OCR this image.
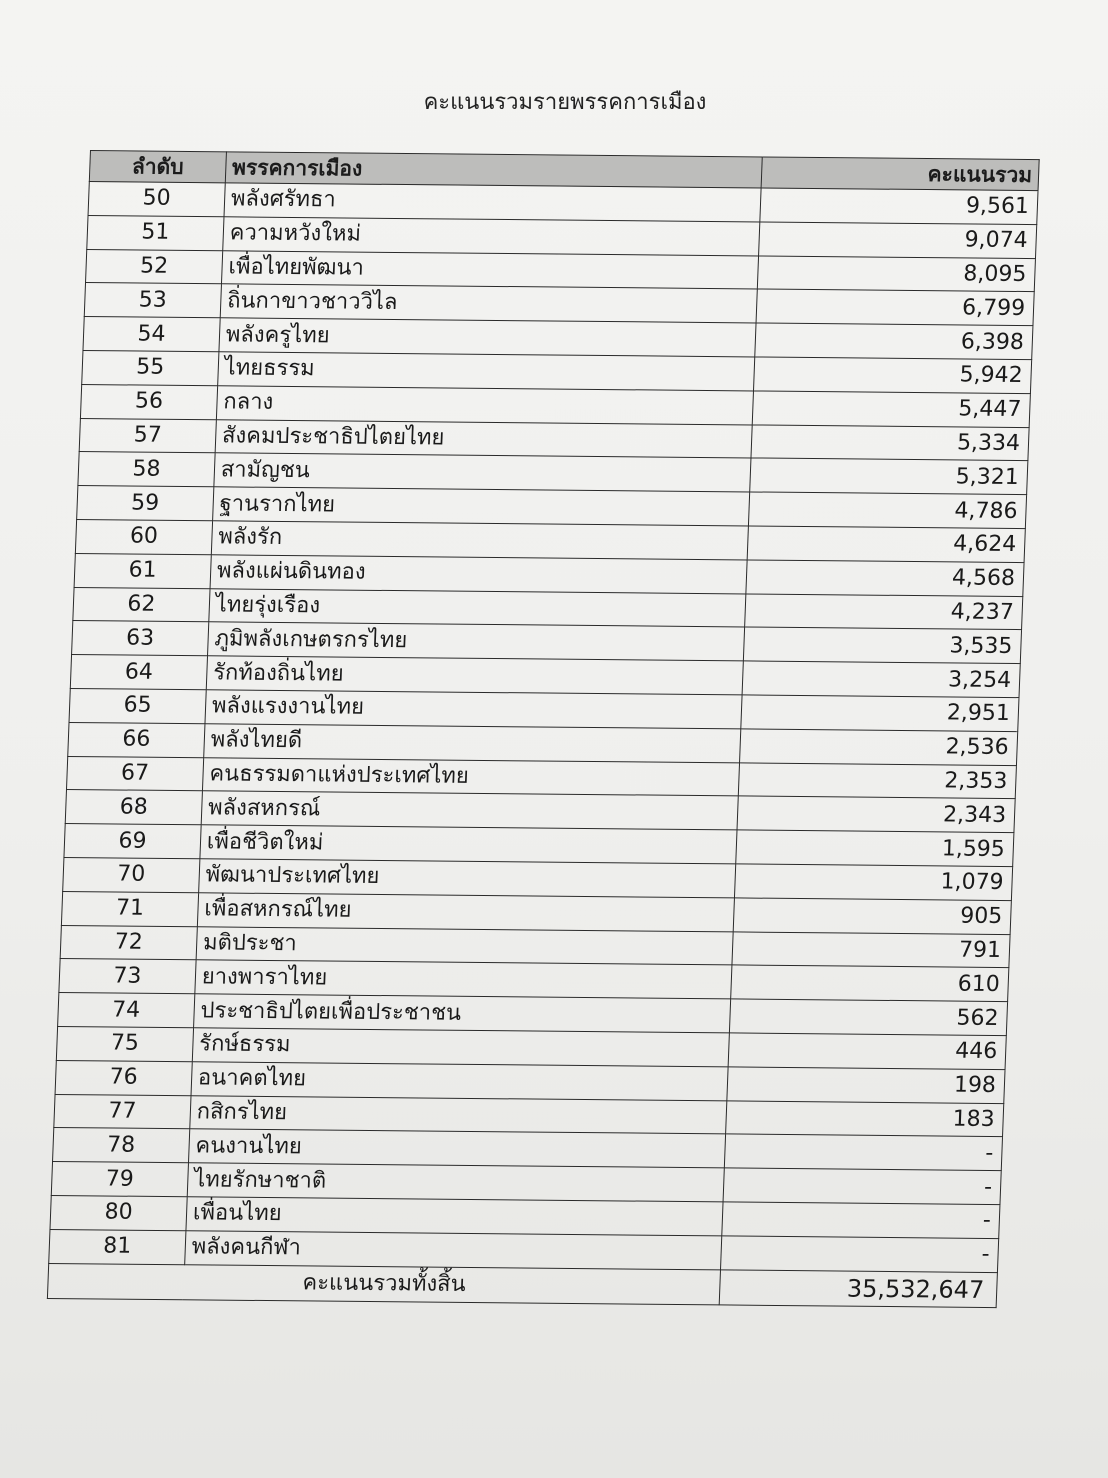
คะแนนรวมรายพรรคการเมือง
ลำดับ	พรรคการเมือง	คะแนนรวม
50	พลังศรัทธา	9,561
51	ความหวังใหม่	9,074
52	เพื่อไทยพัฒนา	8,095
53	ถิ่นกาขาวชาววิไล	6,799
54	พลังครูไทย	6,398
55	ไทยธรรม	5,942
56	กลาง	5,447
57	สังคมประชาธิปไตยไทย	5,334
58	สามัญชน	5,321
59	ฐานรากไทย	4,786
60	พลังรัก	4,624
61	พลังแผ่นดินทอง	4,568
62	ไทยรุ่งเรือง	4,237
63	ภูมิพลังเกษตรกรไทย	3,535
64	รักท้องถิ่นไทย	3,254
65	พลังแรงงานไทย	2,951
66	พลังไทยดี	2,536
67	คนธรรมดาแห่งประเทศไทย	2,353
68	พลังสหกรณ์	2,343
69	เพื่อชีวิตใหม่	1,595
70	พัฒนาประเทศไทย	1,079
71	เพื่อสหกรณ์ไทย	905
72	มติประชา	791
73	ยางพาราไทย	610
74	ประชาธิปไตยเพื่อประชาชน	562
75	รักษ์ธรรม	446
76	อนาคตไทย	198
77	กสิกรไทย	183
78	คนงานไทย	-
79	ไทยรักษาชาติ	-
80	เพื่อนไทย	-
81	พลังคนกีฬา	-
คะแนนรวมทั้งสิ้น		35,532,647
